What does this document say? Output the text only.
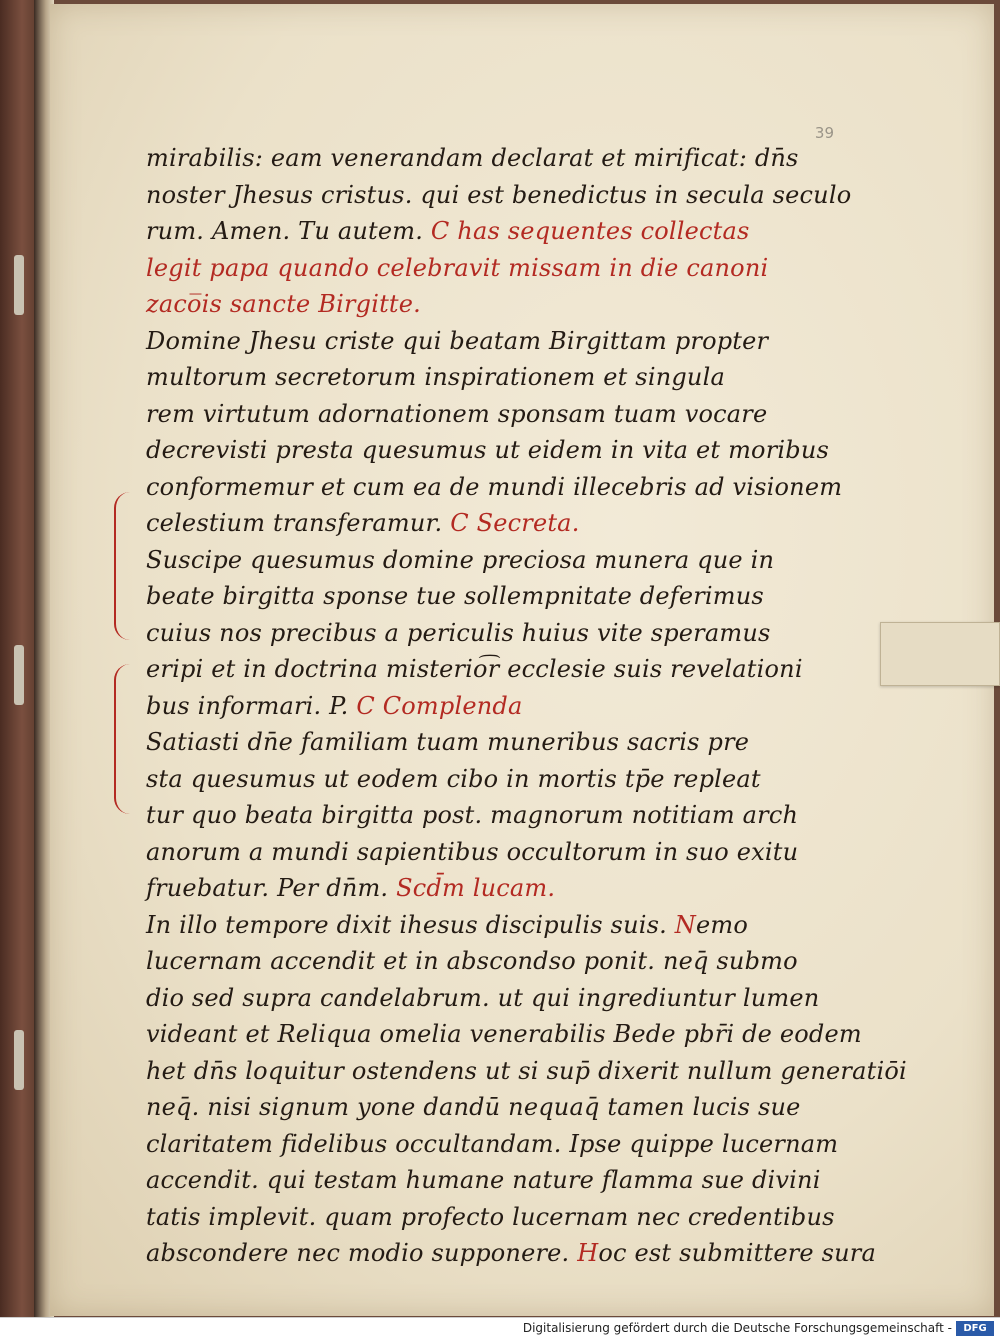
39
mirabilis: eam venerandam declarat et mirificat: dn̄s
noster Jhesus cristus. qui est benedictus in secula seculo
rum. Amen. Tu autem. C has sequentes collectas
legit papa quando celebravit missam in die canoni
zaco̅is sancte Birgitte.
Domine Jhesu criste qui beatam Birgittam propter
multorum secretorum inspirationem et singula
rem virtutum adornationem sponsam tuam vocare
decrevisti presta quesumus ut eidem in vita et moribus
conformemur et cum ea de mundi illecebris ad visionem
celestium transferamur. C Secreta.
Suscipe quesumus domine preciosa munera que in
beate birgitta sponse tue sollempnitate deferimus
cuius nos precibus a periculis huius vite speramus
eripi et in doctrina misterio͡r ecclesie suis revelationi
bus informari. P. C Complenda
Satiasti dn̄e familiam tuam muneribus sacris pre
sta quesumus ut eodem cibo in mortis tp̄e repleat
tur quo beata birgitta post. magnorum notitiam arch
anorum a mundi sapientibus occultorum in suo exitu
fruebatur. Per dn̄m. Scd̄m lucam.
In illo tempore dixit ihesus discipulis suis. Nemo
lucernam accendit et in abscondso ponit. neq̄ submo
dio sed supra candelabrum. ut qui ingrediuntur lumen
videant et Reliqua omelia venerabilis Bede pbr̄i de eodem
het dn̄s loquitur ostendens ut si sup̄ dixerit nullum generatiōi
neq̄. nisi signum yone dandū nequaq̄ tamen lucis sue
claritatem fidelibus occultandam. Ipse quippe lucernam
accendit. qui testam humane nature flamma sue divini
tatis implevit. quam profecto lucernam nec credentibus
abscondere nec modio supponere. Hoc est submittere sura
Digitalisierung gefördert durch die Deutsche Forschungsgemeinschaft -	DFG
